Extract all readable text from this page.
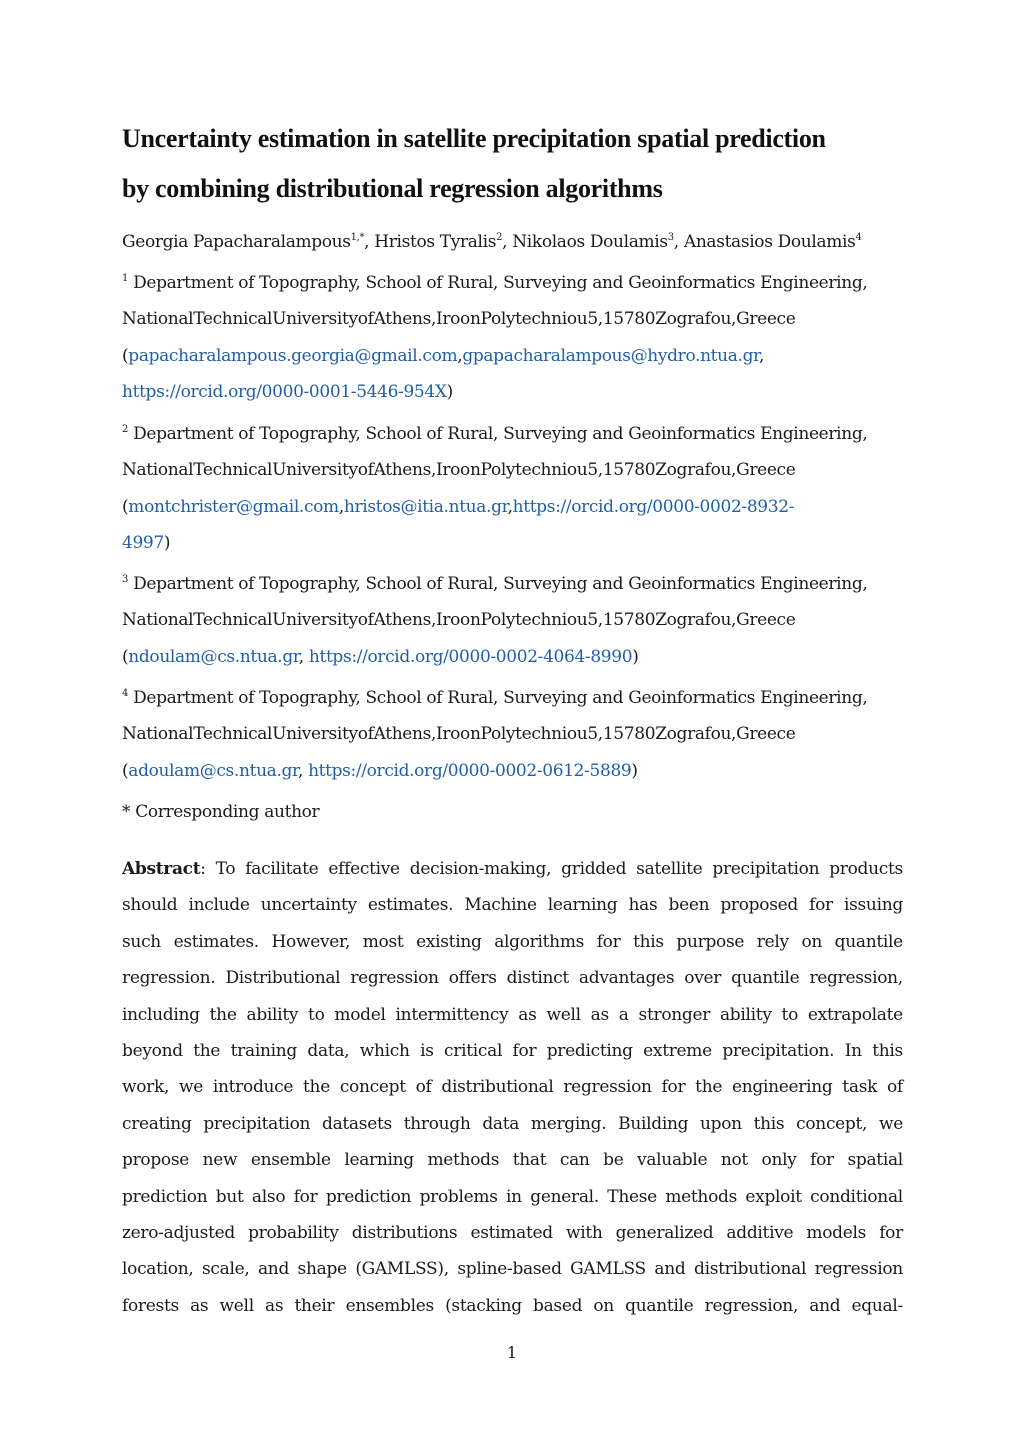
Uncertainty estimation in satellite precipitation spatial prediction
by combining distributional regression algorithms
Georgia Papacharalampous$^{1,*}$, Hristos Tyralis$^2$, Nikolaos Doulamis$^3$, Anastasios Doulamis$^4$
$^1$ Department of Topography, School of Rural, Surveying and Geoinformatics Engineering,
NationalTechnicalUniversityofAthens,IroonPolytechniou5,15780Zografou,Greece
(papacharalampous.georgia@gmail.com,gpapacharalampous@hydro.ntua.gr,
https://orcid.org/0000-0001-5446-954X)
$^2$ Department of Topography, School of Rural, Surveying and Geoinformatics Engineering,
NationalTechnicalUniversityofAthens,IroonPolytechniou5,15780Zografou,Greece
(montchrister@gmail.com,hristos@itia.ntua.gr,https://orcid.org/0000-0002-8932-
4997)
$^3$ Department of Topography, School of Rural, Surveying and Geoinformatics Engineering,
NationalTechnicalUniversityofAthens,IroonPolytechniou5,15780Zografou,Greece
(ndoulam@cs.ntua.gr, https://orcid.org/0000-0002-4064-8990)
$^4$ Department of Topography, School of Rural, Surveying and Geoinformatics Engineering,
NationalTechnicalUniversityofAthens,IroonPolytechniou5,15780Zografou,Greece
(adoulam@cs.ntua.gr, https://orcid.org/0000-0002-0612-5889)
* Corresponding author
Abstract: To facilitate effective decision-making, gridded satellite precipitation products
should include uncertainty estimates. Machine learning has been proposed for issuing
such estimates. However, most existing algorithms for this purpose rely on quantile
regression. Distributional regression offers distinct advantages over quantile regression,
including the ability to model intermittency as well as a stronger ability to extrapolate
beyond the training data, which is critical for predicting extreme precipitation. In this
work, we introduce the concept of distributional regression for the engineering task of
creating precipitation datasets through data merging. Building upon this concept, we
propose new ensemble learning methods that can be valuable not only for spatial
prediction but also for prediction problems in general. These methods exploit conditional
zero-adjusted probability distributions estimated with generalized additive models for
location, scale, and shape (GAMLSS), spline-based GAMLSS and distributional regression
forests as well as their ensembles (stacking based on quantile regression, and equal-
1
